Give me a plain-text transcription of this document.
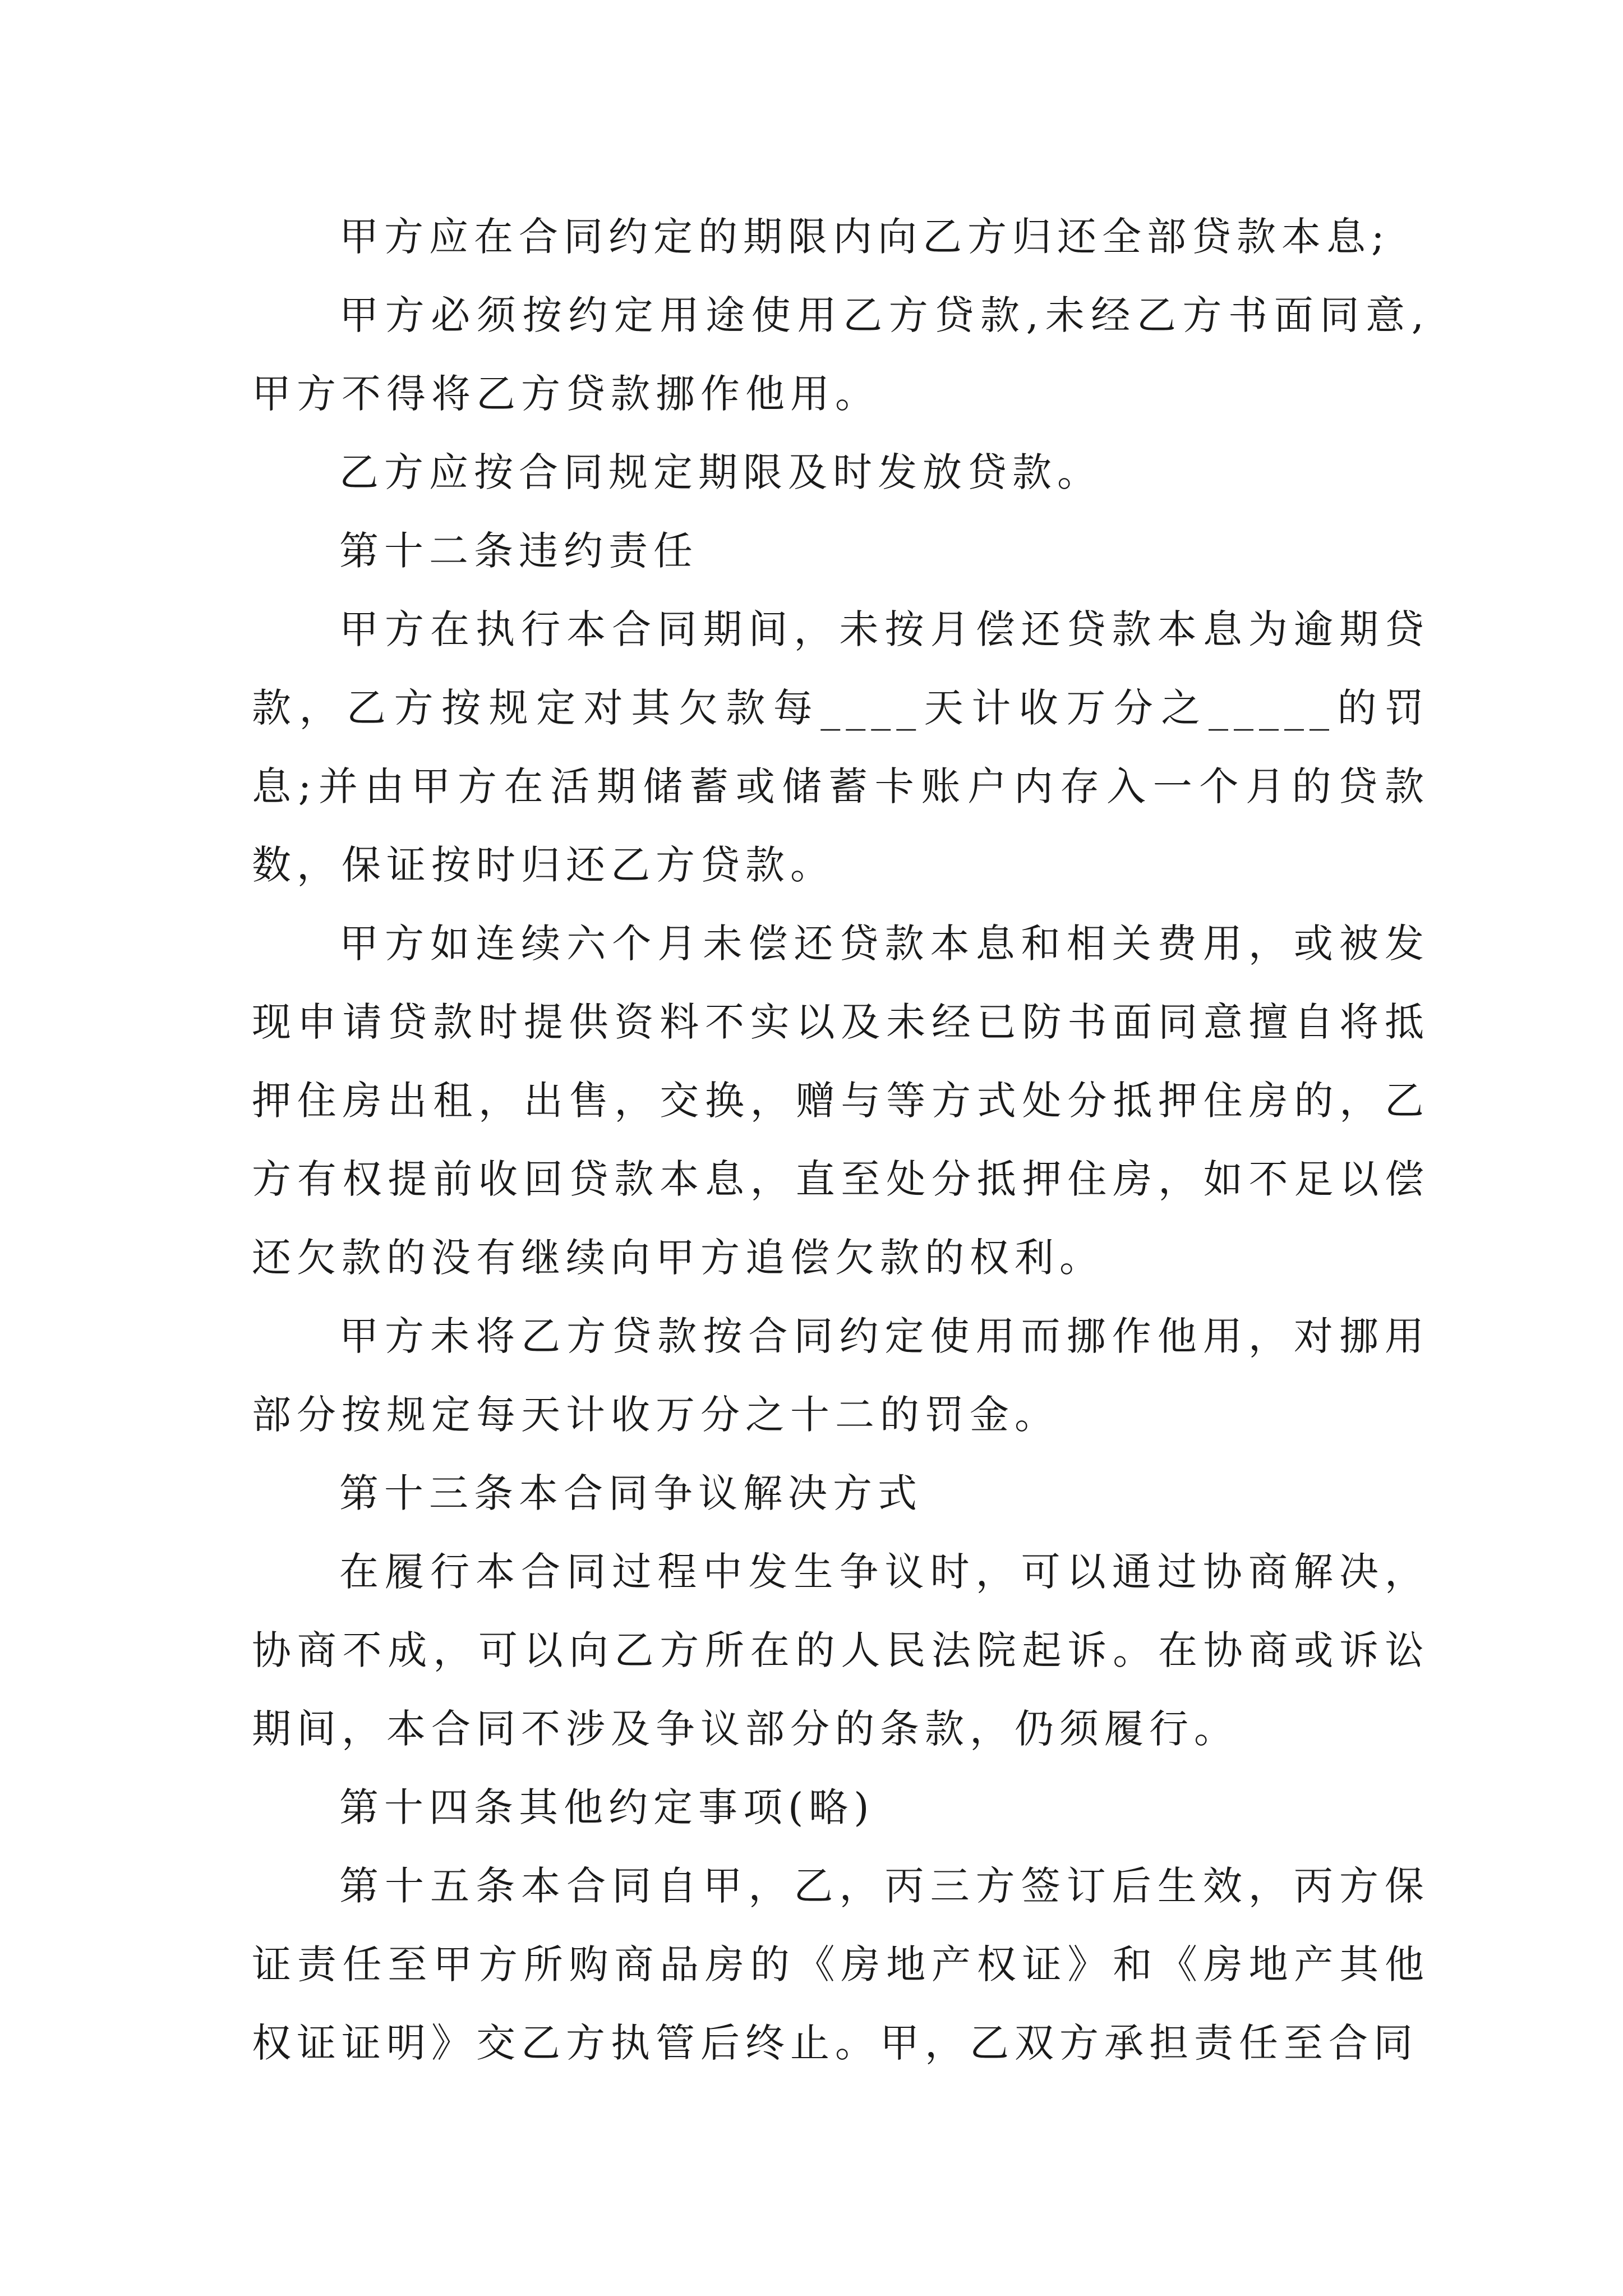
甲方应在合同约定的期限内向乙方归还全部贷款本息;

甲方必须按约定用途使用乙方贷款,未经乙方书面同意,甲方不得将乙方贷款挪作他用。

乙方应按合同规定期限及时发放贷款。

第十二条违约责任

甲方在执行本合同期间，未按月偿还贷款本息为逾期贷款，乙方按规定对其欠款每____天计收万分之_____的罚息;并由甲方在活期储蓄或储蓄卡账户内存入一个月的贷款数，保证按时归还乙方贷款。

甲方如连续六个月未偿还贷款本息和相关费用，或被发现申请贷款时提供资料不实以及未经已防书面同意擅自将抵押住房出租，出售，交换，赠与等方式处分抵押住房的，乙方有权提前收回贷款本息，直至处分抵押住房，如不足以偿还欠款的没有继续向甲方追偿欠款的权利。

甲方未将乙方贷款按合同约定使用而挪作他用，对挪用部分按规定每天计收万分之十二的罚金。

第十三条本合同争议解决方式

在履行本合同过程中发生争议时，可以通过协商解决，协商不成，可以向乙方所在的人民法院起诉。在协商或诉讼期间，本合同不涉及争议部分的条款，仍须履行。

第十四条其他约定事项(略)

第十五条本合同自甲，乙，丙三方签订后生效，丙方保证责任至甲方所购商品房的《房地产权证》和《房地产其他权证证明》交乙方执管后终止。甲，乙双方承担责任至合同
